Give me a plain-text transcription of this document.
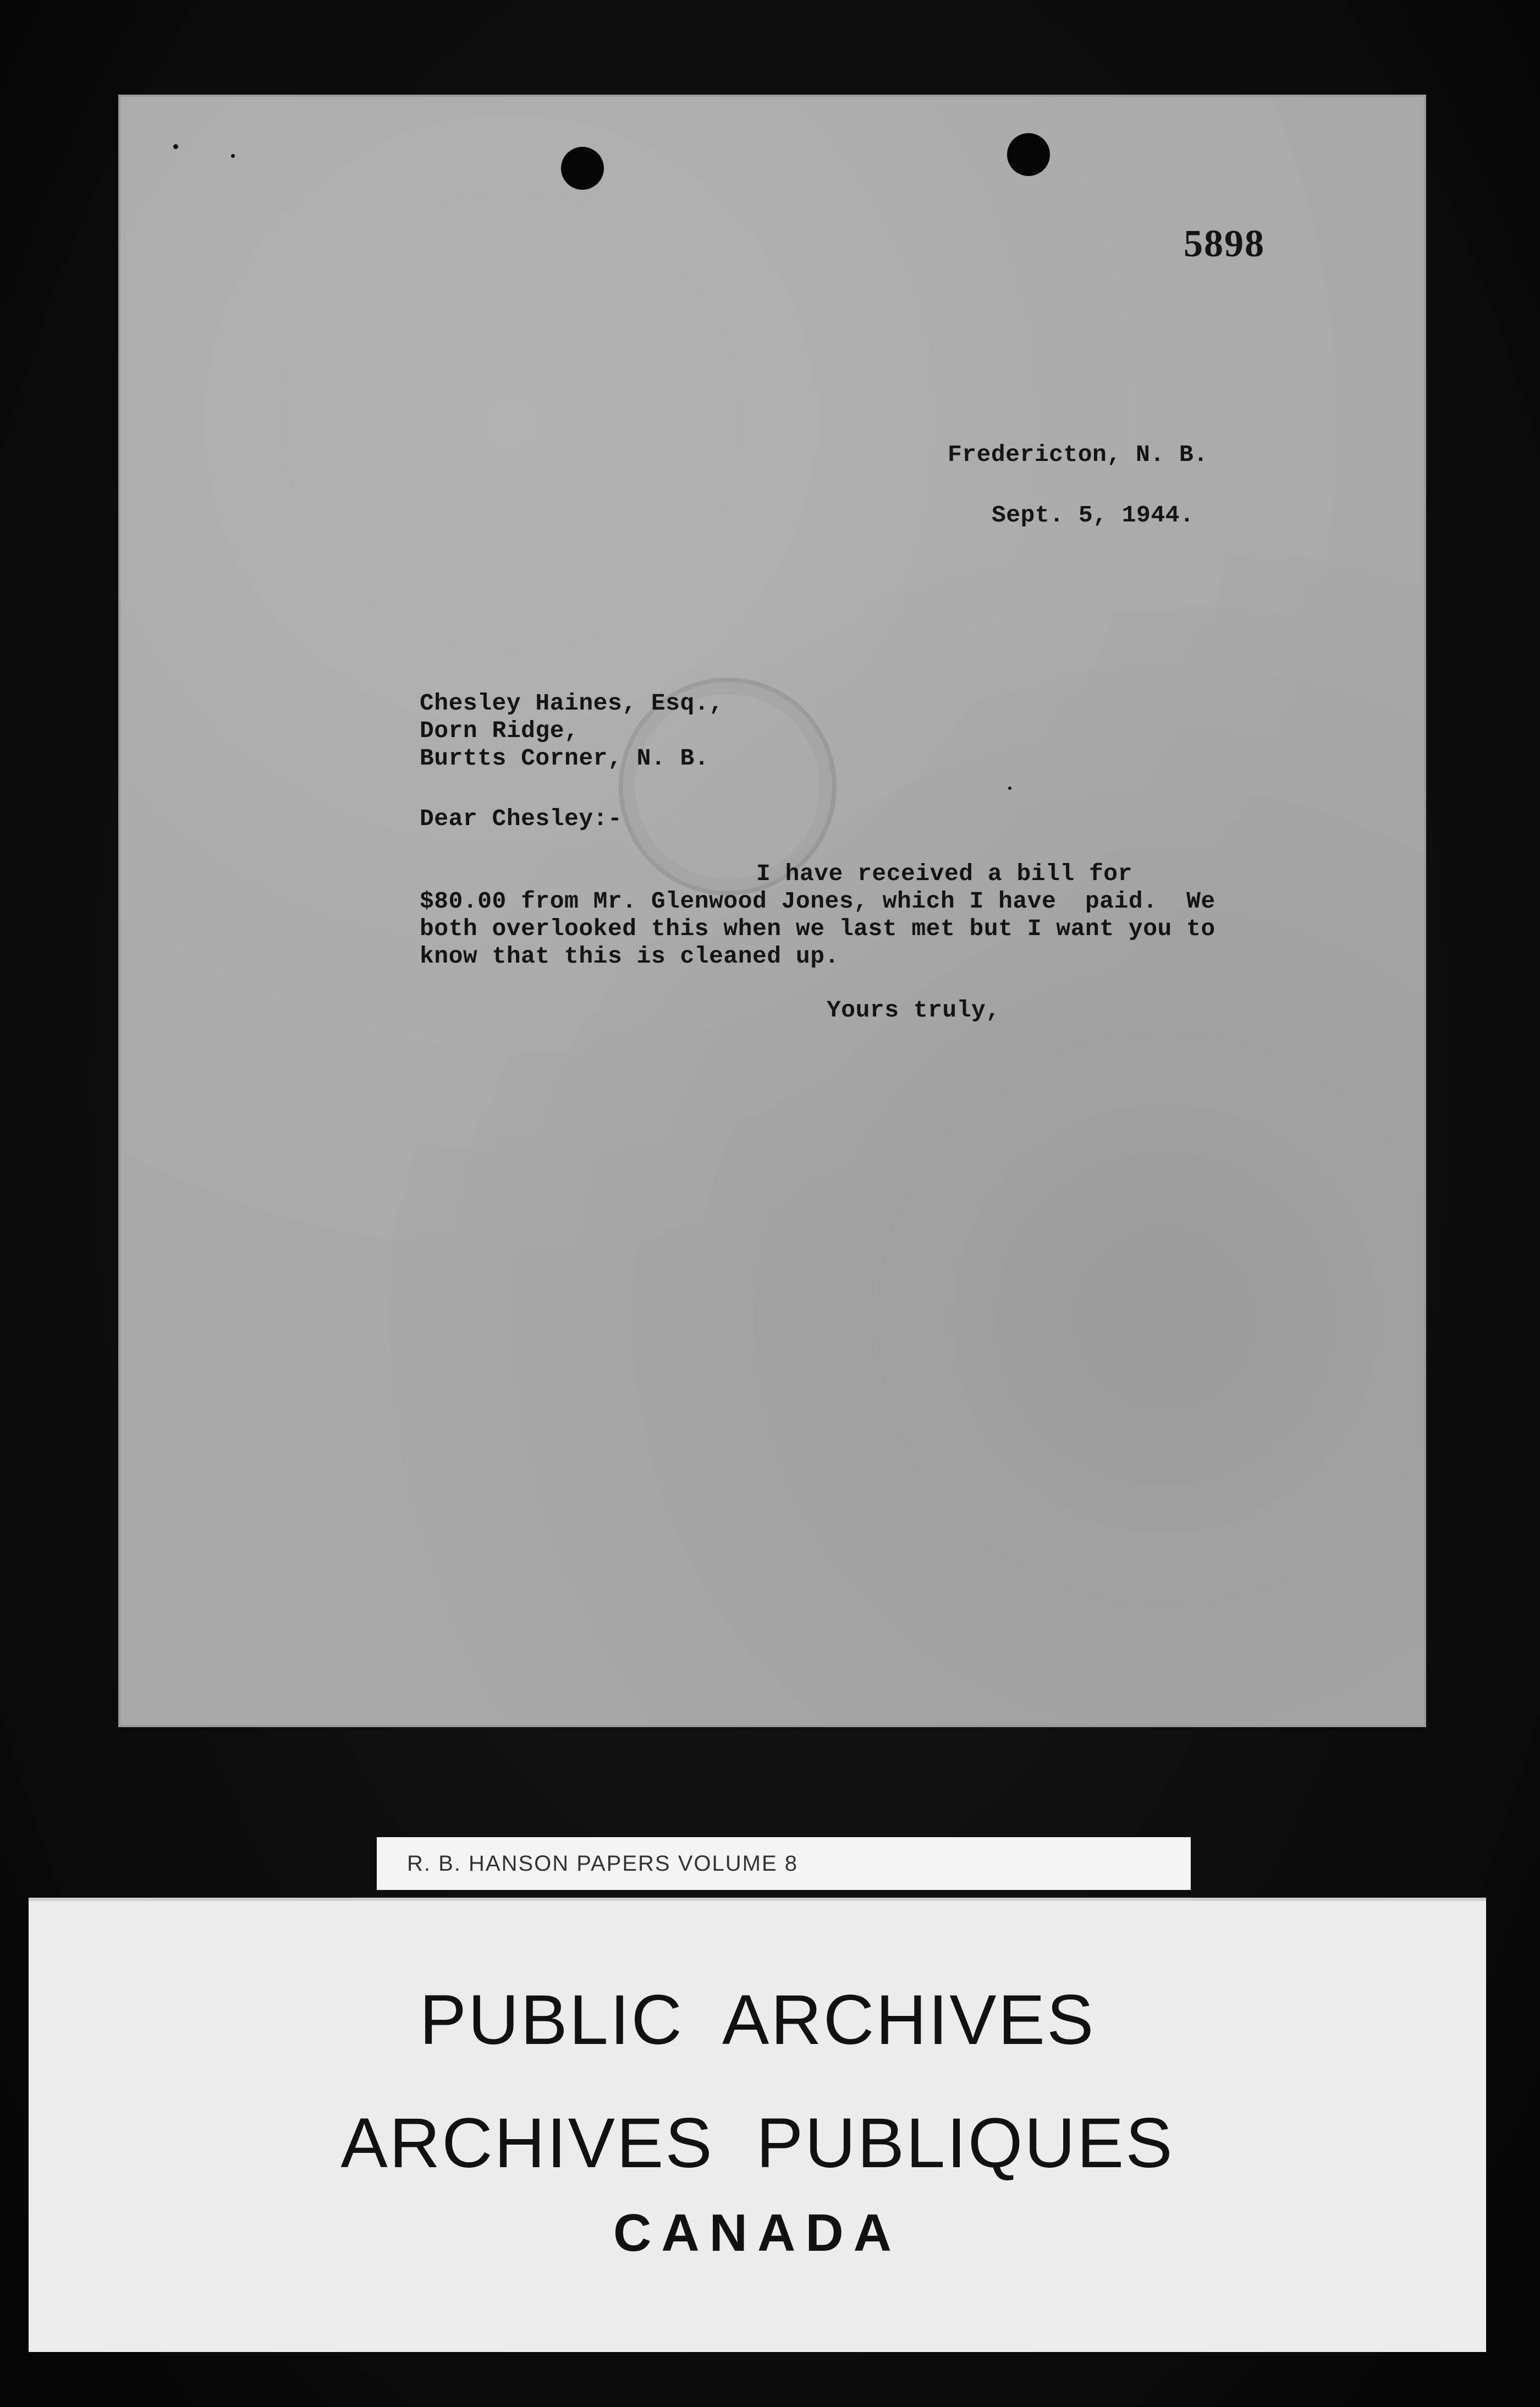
5898
Fredericton, N. B.
Sept. 5, 1944.
Chesley Haines, Esq.,
Dorn Ridge,
Burtts Corner, N. B.
Dear Chesley:-
I have received a bill for
$80.00 from Mr. Glenwood Jones, which I have  paid.  We
both overlooked this when we last met but I want you to
know that this is cleaned up.
Yours truly,
R. B. HANSON PAPERS VOLUME 8
PUBLIC  ARCHIVES
ARCHIVES  PUBLIQUES
CANADA
